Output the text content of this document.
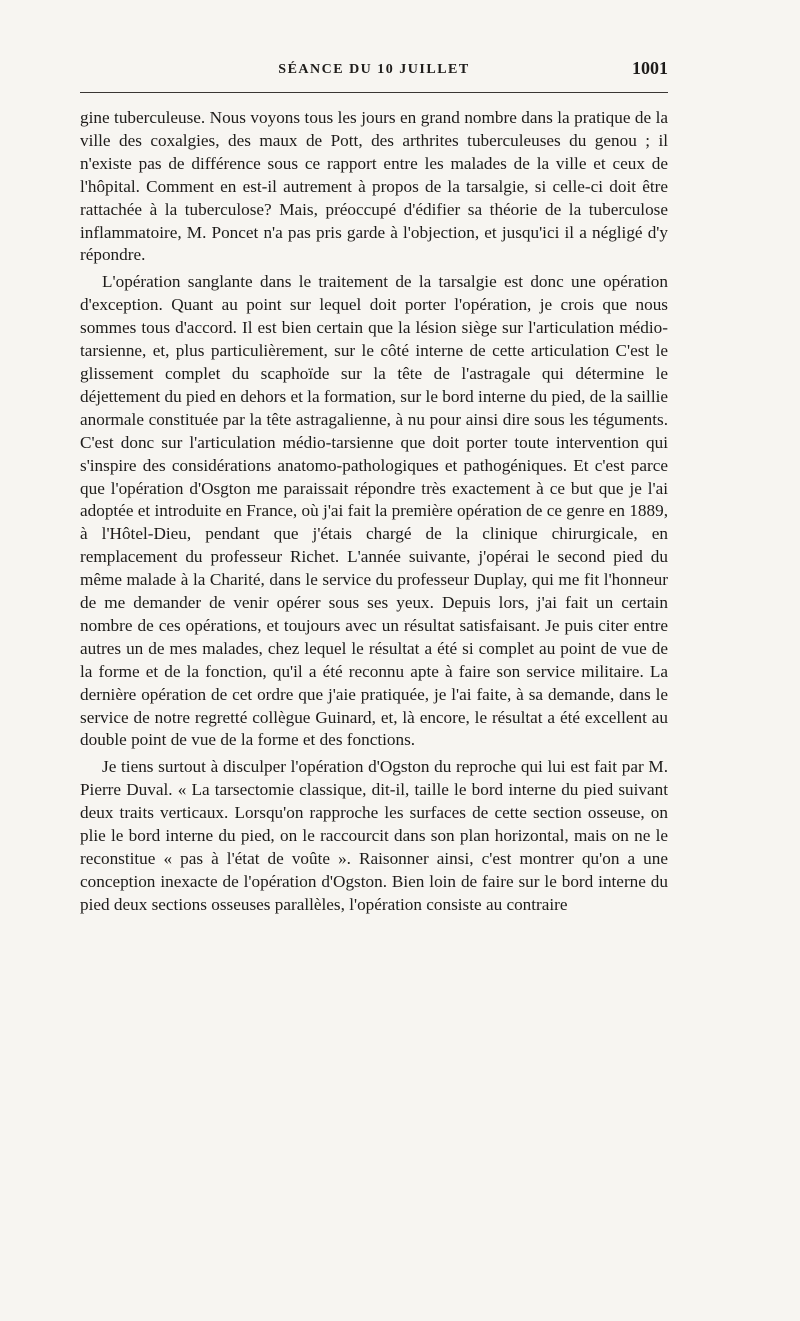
SÉANCE DU 10 JUILLET	1001

gine tuberculeuse. Nous voyons tous les jours en grand nombre dans la pratique de la ville des coxalgies, des maux de Pott, des arthrites tuberculeuses du genou ; il n'existe pas de différence sous ce rapport entre les malades de la ville et ceux de l'hôpital. Comment en est-il autrement à propos de la tarsalgie, si celle-ci doit être rattachée à la tuberculose? Mais, préoccupé d'édifier sa théorie de la tuberculose inflammatoire, M. Poncet n'a pas pris garde à l'objection, et jusqu'ici il a négligé d'y répondre.

L'opération sanglante dans le traitement de la tarsalgie est donc une opération d'exception. Quant au point sur lequel doit porter l'opération, je crois que nous sommes tous d'accord. Il est bien certain que la lésion siège sur l'articulation médio-tarsienne, et, plus particulièrement, sur le côté interne de cette articulation C'est le glissement complet du scaphoïde sur la tête de l'astragale qui détermine le déjettement du pied en dehors et la formation, sur le bord interne du pied, de la saillie anormale constituée par la tête astragalienne, à nu pour ainsi dire sous les téguments. C'est donc sur l'articulation médio-tarsienne que doit porter toute intervention qui s'inspire des considérations anatomo-pathologiques et pathogéniques. Et c'est parce que l'opération d'Osgton me paraissait répondre très exactement à ce but que je l'ai adoptée et introduite en France, où j'ai fait la première opération de ce genre en 1889, à l'Hôtel-Dieu, pendant que j'étais chargé de la clinique chirurgicale, en remplacement du professeur Richet. L'année suivante, j'opérai le second pied du même malade à la Charité, dans le service du professeur Duplay, qui me fit l'honneur de me demander de venir opérer sous ses yeux. Depuis lors, j'ai fait un certain nombre de ces opérations, et toujours avec un résultat satisfaisant. Je puis citer entre autres un de mes malades, chez lequel le résultat a été si complet au point de vue de la forme et de la fonction, qu'il a été reconnu apte à faire son service militaire. La dernière opération de cet ordre que j'aie pratiquée, je l'ai faite, à sa demande, dans le service de notre regretté collègue Guinard, et, là encore, le résultat a été excellent au double point de vue de la forme et des fonctions.

Je tiens surtout à disculper l'opération d'Ogston du reproche qui lui est fait par M. Pierre Duval. « La tarsectomie classique, dit-il, taille le bord interne du pied suivant deux traits verticaux. Lorsqu'on rapproche les surfaces de cette section osseuse, on plie le bord interne du pied, on le raccourcit dans son plan horizontal, mais on ne le reconstitue « pas à l'état de voûte ». Raisonner ainsi, c'est montrer qu'on a une conception inexacte de l'opération d'Ogston. Bien loin de faire sur le bord interne du pied deux sections osseuses parallèles, l'opération consiste au contraire
